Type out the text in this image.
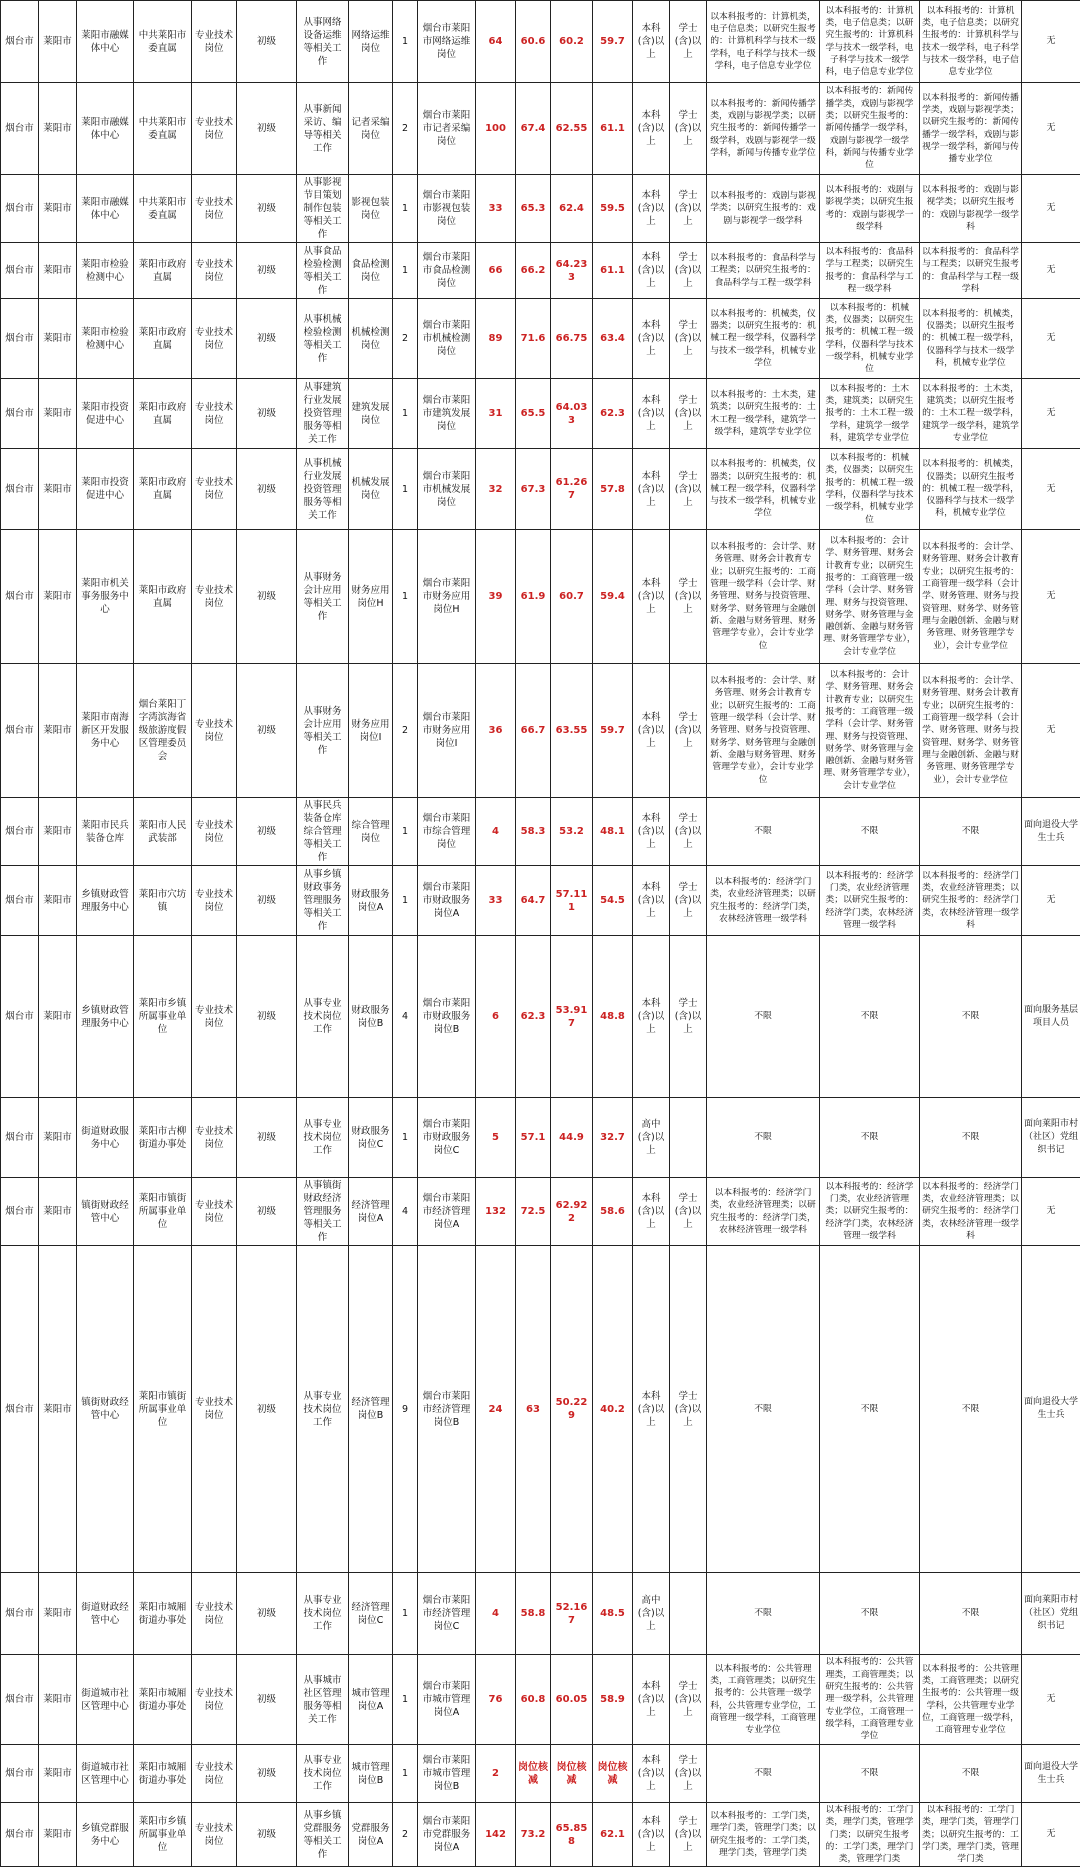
烟台市	莱阳市	莱阳市融媒体中心	中共莱阳市委直属	专业技术岗位	初级	从事网络设备运维等相关工作	网络运维岗位	1	烟台市莱阳市网络运维岗位	64	60.6	60.2	59.7	本科(含)以上	学士(含)以上	以本科报考的：计算机类，电子信息类；以研究生报考的：计算机科学与技术一级学科，电子科学与技术一级学科，电子信息专业学位	以本科报考的：计算机类，电子信息类；以研究生报考的：计算机科学与技术一级学科，电子科学与技术一级学科，电子信息专业学位	以本科报考的：计算机类，电子信息类；以研究生报考的：计算机科学与技术一级学科，电子科学与技术一级学科，电子信息专业学位	无
烟台市	莱阳市	莱阳市融媒体中心	中共莱阳市委直属	专业技术岗位	初级	从事新闻采访、编导等相关工作	记者采编岗位	2	烟台市莱阳市记者采编岗位	100	67.4	62.55	61.1	本科(含)以上	学士(含)以上	以本科报考的：新闻传播学类，戏剧与影视学类；以研究生报考的：新闻传播学一级学科，戏剧与影视学一级学科，新闻与传播专业学位	以本科报考的：新闻传播学类，戏剧与影视学类；以研究生报考的：新闻传播学一级学科，戏剧与影视学一级学科，新闻与传播专业学位	以本科报考的：新闻传播学类，戏剧与影视学类；以研究生报考的：新闻传播学一级学科，戏剧与影视学一级学科，新闻与传播专业学位	无
烟台市	莱阳市	莱阳市融媒体中心	中共莱阳市委直属	专业技术岗位	初级	从事影视节目策划制作包装等相关工作	影视包装岗位	1	烟台市莱阳市影视包装岗位	33	65.3	62.4	59.5	本科(含)以上	学士(含)以上	以本科报考的：戏剧与影视学类；以研究生报考的：戏剧与影视学一级学科	以本科报考的：戏剧与影视学类；以研究生报考的：戏剧与影视学一级学科	以本科报考的：戏剧与影视学类；以研究生报考的：戏剧与影视学一级学科	无
烟台市	莱阳市	莱阳市检验检测中心	莱阳市政府直属	专业技术岗位	初级	从事食品检验检测等相关工作	食品检测岗位	1	烟台市莱阳市食品检测岗位	66	66.2	64.233	61.1	本科(含)以上	学士(含)以上	以本科报考的：食品科学与工程类；以研究生报考的：食品科学与工程一级学科	以本科报考的：食品科学与工程类；以研究生报考的：食品科学与工程一级学科	以本科报考的：食品科学与工程类；以研究生报考的：食品科学与工程一级学科	无
烟台市	莱阳市	莱阳市检验检测中心	莱阳市政府直属	专业技术岗位	初级	从事机械检验检测等相关工作	机械检测岗位	2	烟台市莱阳市机械检测岗位	89	71.6	66.75	63.4	本科(含)以上	学士(含)以上	以本科报考的：机械类，仪器类；以研究生报考的：机械工程一级学科，仪器科学与技术一级学科，机械专业学位	以本科报考的：机械类，仪器类；以研究生报考的：机械工程一级学科，仪器科学与技术一级学科，机械专业学位	以本科报考的：机械类，仪器类；以研究生报考的：机械工程一级学科，仪器科学与技术一级学科，机械专业学位	无
烟台市	莱阳市	莱阳市投资促进中心	莱阳市政府直属	专业技术岗位	初级	从事建筑行业发展投资管理服务等相关工作	建筑发展岗位	1	烟台市莱阳市建筑发展岗位	31	65.5	64.033	62.3	本科(含)以上	学士(含)以上	以本科报考的：土木类，建筑类；以研究生报考的：土木工程一级学科，建筑学一级学科，建筑学专业学位	以本科报考的：土木类，建筑类；以研究生报考的：土木工程一级学科，建筑学一级学科，建筑学专业学位	以本科报考的：土木类，建筑类；以研究生报考的：土木工程一级学科，建筑学一级学科，建筑学专业学位	无
烟台市	莱阳市	莱阳市投资促进中心	莱阳市政府直属	专业技术岗位	初级	从事机械行业发展投资管理服务等相关工作	机械发展岗位	1	烟台市莱阳市机械发展岗位	32	67.3	61.267	57.8	本科(含)以上	学士(含)以上	以本科报考的：机械类，仪器类；以研究生报考的：机械工程一级学科，仪器科学与技术一级学科，机械专业学位	以本科报考的：机械类，仪器类；以研究生报考的：机械工程一级学科，仪器科学与技术一级学科，机械专业学位	以本科报考的：机械类，仪器类；以研究生报考的：机械工程一级学科，仪器科学与技术一级学科，机械专业学位	无
烟台市	莱阳市	莱阳市机关事务服务中心	莱阳市政府直属	专业技术岗位	初级	从事财务会计应用等相关工作	财务应用岗位H	1	烟台市莱阳市财务应用岗位H	39	61.9	60.7	59.4	本科(含)以上	学士(含)以上	以本科报考的：会计学、财务管理、财务会计教育专业；以研究生报考的：工商管理一级学科（会计学、财务管理、财务与投资管理、财务学、财务管理与金融创新、金融与财务管理、财务管理学专业），会计专业学位	以本科报考的：会计学、财务管理、财务会计教育专业；以研究生报考的：工商管理一级学科（会计学、财务管理、财务与投资管理、财务学、财务管理与金融创新、金融与财务管理、财务管理学专业），会计专业学位	以本科报考的：会计学、财务管理、财务会计教育专业；以研究生报考的：工商管理一级学科（会计学、财务管理、财务与投资管理、财务学、财务管理与金融创新、金融与财务管理、财务管理学专业），会计专业学位	无
烟台市	莱阳市	莱阳市南海新区开发服务中心	烟台莱阳丁字湾滨海省级旅游度假区管理委员会	专业技术岗位	初级	从事财务会计应用等相关工作	财务应用岗位I	2	烟台市莱阳市财务应用岗位I	36	66.7	63.55	59.7	本科(含)以上	学士(含)以上	以本科报考的：会计学、财务管理、财务会计教育专业；以研究生报考的：工商管理一级学科（会计学、财务管理、财务与投资管理、财务学、财务管理与金融创新、金融与财务管理、财务管理学专业），会计专业学位	以本科报考的：会计学、财务管理、财务会计教育专业；以研究生报考的：工商管理一级学科（会计学、财务管理、财务与投资管理、财务学、财务管理与金融创新、金融与财务管理、财务管理学专业），会计专业学位	以本科报考的：会计学、财务管理、财务会计教育专业；以研究生报考的：工商管理一级学科（会计学、财务管理、财务与投资管理、财务学、财务管理与金融创新、金融与财务管理、财务管理学专业），会计专业学位	无
烟台市	莱阳市	莱阳市民兵装备仓库	莱阳市人民武装部	专业技术岗位	初级	从事民兵装备仓库综合管理等相关工作	综合管理岗位	1	烟台市莱阳市综合管理岗位	4	58.3	53.2	48.1	本科(含)以上	学士(含)以上	不限	不限	不限	面向退役大学生士兵
烟台市	莱阳市	乡镇财政管理服务中心	莱阳市穴坊镇	专业技术岗位	初级	从事乡镇财政事务管理服务等相关工作	财政服务岗位A	1	烟台市莱阳市财政服务岗位A	33	64.7	57.111	54.5	本科(含)以上	学士(含)以上	以本科报考的：经济学门类，农业经济管理类；以研究生报考的：经济学门类，农林经济管理一级学科	以本科报考的：经济学门类，农业经济管理类；以研究生报考的：经济学门类，农林经济管理一级学科	以本科报考的：经济学门类，农业经济管理类；以研究生报考的：经济学门类，农林经济管理一级学科	无
烟台市	莱阳市	乡镇财政管理服务中心	莱阳市乡镇所属事业单位	专业技术岗位	初级	从事专业技术岗位工作	财政服务岗位B	4	烟台市莱阳市财政服务岗位B	6	62.3	53.917	48.8	本科(含)以上	学士(含)以上	不限	不限	不限	面向服务基层项目人员
烟台市	莱阳市	街道财政服务中心	莱阳市古柳街道办事处	专业技术岗位	初级	从事专业技术岗位工作	财政服务岗位C	1	烟台市莱阳市财政服务岗位C	5	57.1	44.9	32.7	高中(含)以上		不限	不限	不限	面向莱阳市村（社区）党组织书记
烟台市	莱阳市	镇街财政经管中心	莱阳市镇街所属事业单位	专业技术岗位	初级	从事镇街财政经济管理服务等相关工作	经济管理岗位A	4	烟台市莱阳市经济管理岗位A	132	72.5	62.922	58.6	本科(含)以上	学士(含)以上	以本科报考的：经济学门类，农业经济管理类；以研究生报考的：经济学门类，农林经济管理一级学科	以本科报考的：经济学门类，农业经济管理类；以研究生报考的：经济学门类，农林经济管理一级学科	以本科报考的：经济学门类，农业经济管理类；以研究生报考的：经济学门类，农林经济管理一级学科	无
烟台市	莱阳市	镇街财政经管中心	莱阳市镇街所属事业单位	专业技术岗位	初级	从事专业技术岗位工作	经济管理岗位B	9	烟台市莱阳市经济管理岗位B	24	63	50.229	40.2	本科(含)以上	学士(含)以上	不限	不限	不限	面向退役大学生士兵
烟台市	莱阳市	街道财政经管中心	莱阳市城厢街道办事处	专业技术岗位	初级	从事专业技术岗位工作	经济管理岗位C	1	烟台市莱阳市经济管理岗位C	4	58.8	52.167	48.5	高中(含)以上		不限	不限	不限	面向莱阳市村（社区）党组织书记
烟台市	莱阳市	街道城市社区管理中心	莱阳市城厢街道办事处	专业技术岗位	初级	从事城市社区管理服务等相关工作	城市管理岗位A	1	烟台市莱阳市城市管理岗位A	76	60.8	60.05	58.9	本科(含)以上	学士(含)以上	以本科报考的：公共管理类，工商管理类；以研究生报考的：公共管理一级学科，公共管理专业学位，工商管理一级学科，工商管理专业学位	以本科报考的：公共管理类，工商管理类；以研究生报考的：公共管理一级学科，公共管理专业学位，工商管理一级学科，工商管理专业学位	以本科报考的：公共管理类，工商管理类；以研究生报考的：公共管理一级学科，公共管理专业学位，工商管理一级学科，工商管理专业学位	无
烟台市	莱阳市	街道城市社区管理中心	莱阳市城厢街道办事处	专业技术岗位	初级	从事专业技术岗位工作	城市管理岗位B	1	烟台市莱阳市城市管理岗位B	2	岗位核减	岗位核减	岗位核减	本科(含)以上	学士(含)以上	不限	不限	不限	面向退役大学生士兵
烟台市	莱阳市	乡镇党群服务中心	莱阳市乡镇所属事业单位	专业技术岗位	初级	从事乡镇党群服务等相关工作	党群服务岗位A	2	烟台市莱阳市党群服务岗位A	142	73.2	65.858	62.1	本科(含)以上	学士(含)以上	以本科报考的：工学门类，理学门类，管理学门类；以研究生报考的：工学门类，理学门类，管理学门类	以本科报考的：工学门类，理学门类，管理学门类；以研究生报考的：工学门类，理学门类，管理学门类	以本科报考的：工学门类，理学门类，管理学门类；以研究生报考的：工学门类，理学门类，管理学门类	无
